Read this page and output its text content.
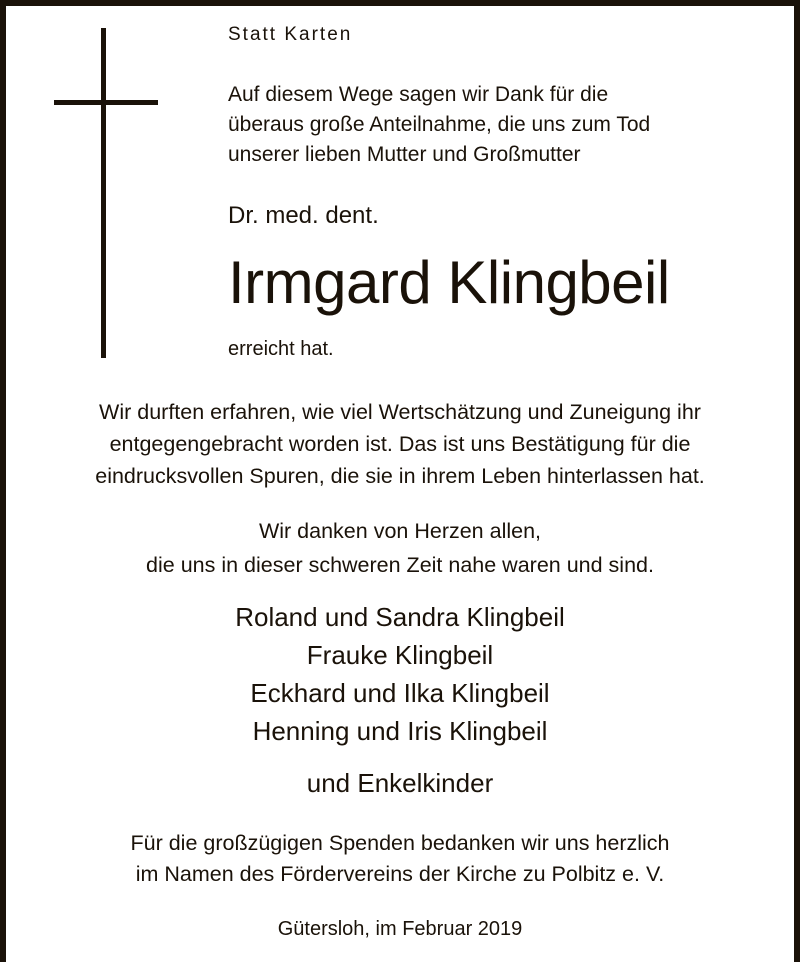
Statt Karten
Auf diesem Wege sagen wir Dank für die
überaus große Anteilnahme, die uns zum Tod
unserer lieben Mutter und Großmutter
Dr. med. dent.
Irmgard Klingbeil
erreicht hat.
Wir durften erfahren, wie viel Wertschätzung und Zuneigung ihr
entgegengebracht worden ist. Das ist uns Bestätigung für die
eindrucksvollen Spuren, die sie in ihrem Leben hinterlassen hat.
Wir danken von Herzen allen,
die uns in dieser schweren Zeit nahe waren und sind.
Roland und Sandra Klingbeil
Frauke Klingbeil
Eckhard und Ilka Klingbeil
Henning und Iris Klingbeil
und Enkelkinder
Für die großzügigen Spenden bedanken wir uns herzlich
im Namen des Fördervereins der Kirche zu Polbitz e. V.
Gütersloh, im Februar 2019
